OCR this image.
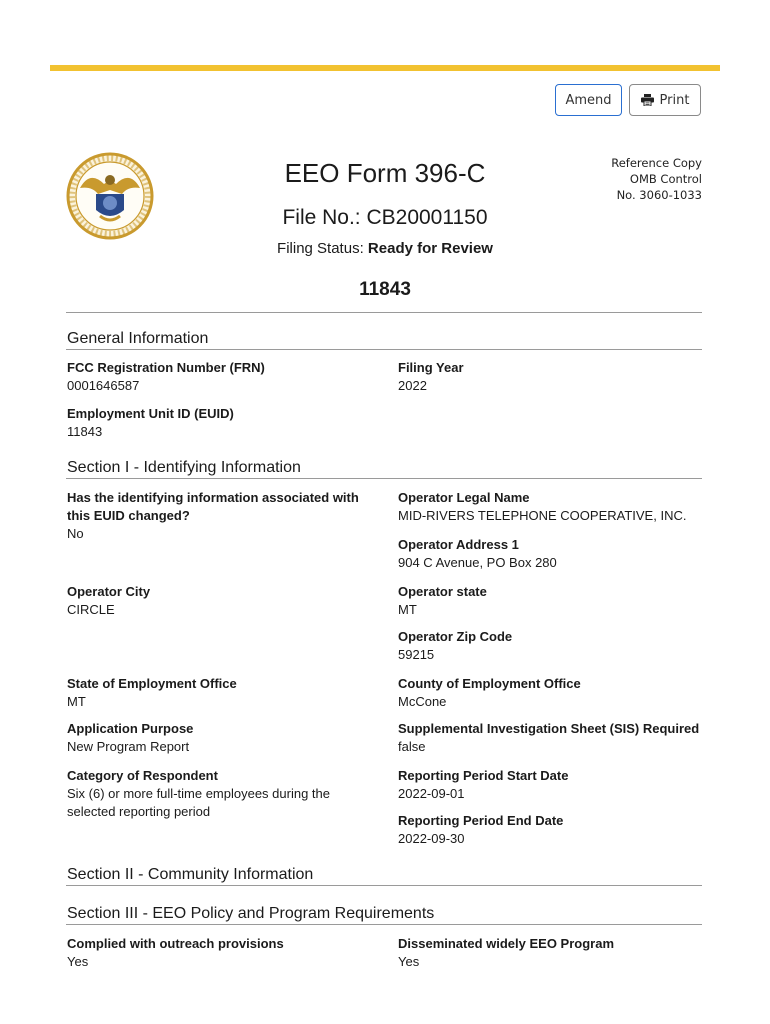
Amend	Print
Reference Copy
OMB Control
No. 3060-1033
EEO Form 396-C
File No.: CB20001150
Filing Status: Ready for Review
11843
General Information
FCC Registration Number (FRN)
0001646587
Filing Year
2022
Employment Unit ID (EUID)
11843
Section I - Identifying Information
Has the identifying information associated with this EUID changed?
No
Operator Legal Name
MID-RIVERS TELEPHONE COOPERATIVE, INC.
Operator Address 1
904 C Avenue, PO Box 280
Operator City
CIRCLE
Operator state
MT
Operator Zip Code
59215
State of Employment Office
MT
County of Employment Office
McCone
Application Purpose
New Program Report
Supplemental Investigation Sheet (SIS) Required
false
Category of Respondent
Six (6) or more full-time employees during the selected reporting period
Reporting Period Start Date
2022-09-01
Reporting Period End Date
2022-09-30
Section II - Community Information
Section III - EEO Policy and Program Requirements
Complied with outreach provisions
Yes
Disseminated widely EEO Program
Yes
